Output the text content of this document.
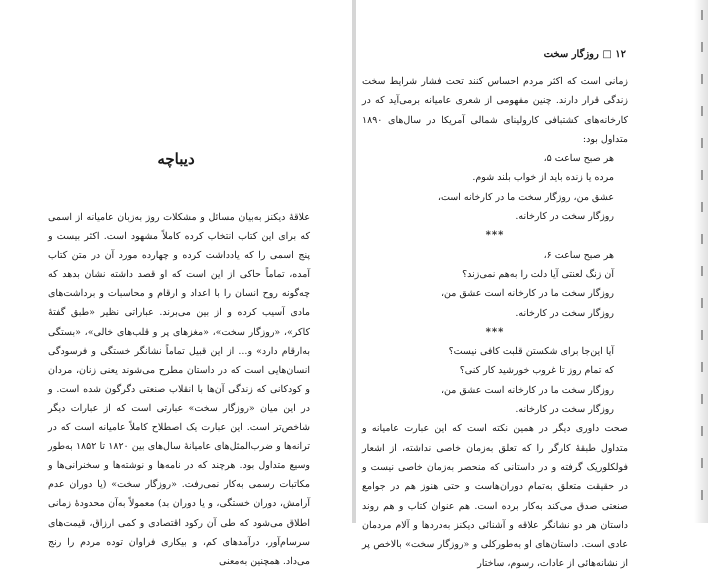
دیباچه

علاقهٔ دیکنز به‌بیان مسائل و مشکلات روز به‌زبان عامیانه از اسمی که برای این کتاب انتخاب کرده کاملاً مشهود است. اکثر بیست و پنج اسمی را که یادداشت کرده و چهارده مورد آن در متن کتاب آمده، تماماً حاکی از این است که او قصد داشته نشان بدهد که چه‌گونه روح انسان را با اعداد و ارقام و محاسبات و برداشت‌های مادی آسیب کرده و از بین می‌برند. عباراتی نظیر «طبق گفتهٔ کاکر»، «روزگار سخت»، «مغزهای پر و قلب‌های خالی»، «بستگی به‌ارقام دارد» و... از این قبیل تماماً نشانگر خستگی و فرسودگی انسان‌هایی است که در داستان مطرح می‌شوند یعنی زنان، مردان و کودکانی که زندگی آن‌ها با انقلاب صنعتی دگرگون شده است. و در این میان «روزگار سخت» عبارتی است که از عبارات دیگر شاخص‌تر است. این عبارت یک اصطلاح کاملاً عامیانه است که در ترانه‌ها و ضرب‌المثل‌های عامیانهٔ سال‌های بین ۱۸۲۰ تا ۱۸۵۲ به‌طور وسیع متداول بود. هرچند که در نامه‌ها و نوشته‌ها و سخنرانی‌ها و مکاتبات رسمی به‌کار نمی‌رفت. «روزگار سخت» (یا دوران عدم آرامش، دوران خستگی، و یا دوران بد) معمولاً به‌آن محدودهٔ زمانی اطلاق می‌شود که طی آن رکود اقتصادی و کمی ارزاق، قیمت‌های سرسام‌آور، درآمدهای کم، و بیکاری فراوان توده مردم را رنج می‌داد. همچنین به‌معنی

۱۲ □ روزگار سخت

زمانی است که اکثر مردم احساس کنند تحت فشار شرایط سخت زندگی قرار دارند. چنین مفهومی از شعری عامیانه برمی‌آید که در کارخانه‌های کشتبافی کارولینای شمالی آمریکا در سال‌های ۱۸۹۰ متداول بود:

هر صبح ساعت ۵،
مرده یا زنده باید از خواب بلند شوم.
عشق من، روزگار سخت ما در کارخانه است،
روزگار سخت در کارخانه.
***
هر صبح ساعت ۶،
آن زنگ لعنتی آیا دلت را به‌هم نمی‌زند؟
روزگار سخت ما در کارخانه است عشق من،
روزگار سخت در کارخانه.
***
آیا این‌جا برای شکستن قلبت کافی نیست؟
که تمام روز تا غروب خورشید کار کنی؟
روزگار سخت ما در کارخانه است عشق من،
روزگار سخت در کارخانه.

صحت داوری دیگر در همین نکته است که این عبارت عامیانه و متداول طبقهٔ کارگر را که تعلق به‌زمان خاصی نداشته، از اشعار فولکلوریک گرفته و در داستانی که منحصر به‌زمان خاصی نیست و در حقیقت متعلق به‌تمام دوران‌هاست و حتی هنوز هم در جوامع صنعتی صدق می‌کند به‌کار برده است. هم عنوان کتاب و هم روند داستان هر دو نشانگر علاقه و آشنائی دیکنز به‌دردها و آلام مردمان عادی است. داستان‌های او به‌طورکلی و «روزگار سخت» بالاخص پر از نشانه‌هائی از عادات، رسوم، ساختار
